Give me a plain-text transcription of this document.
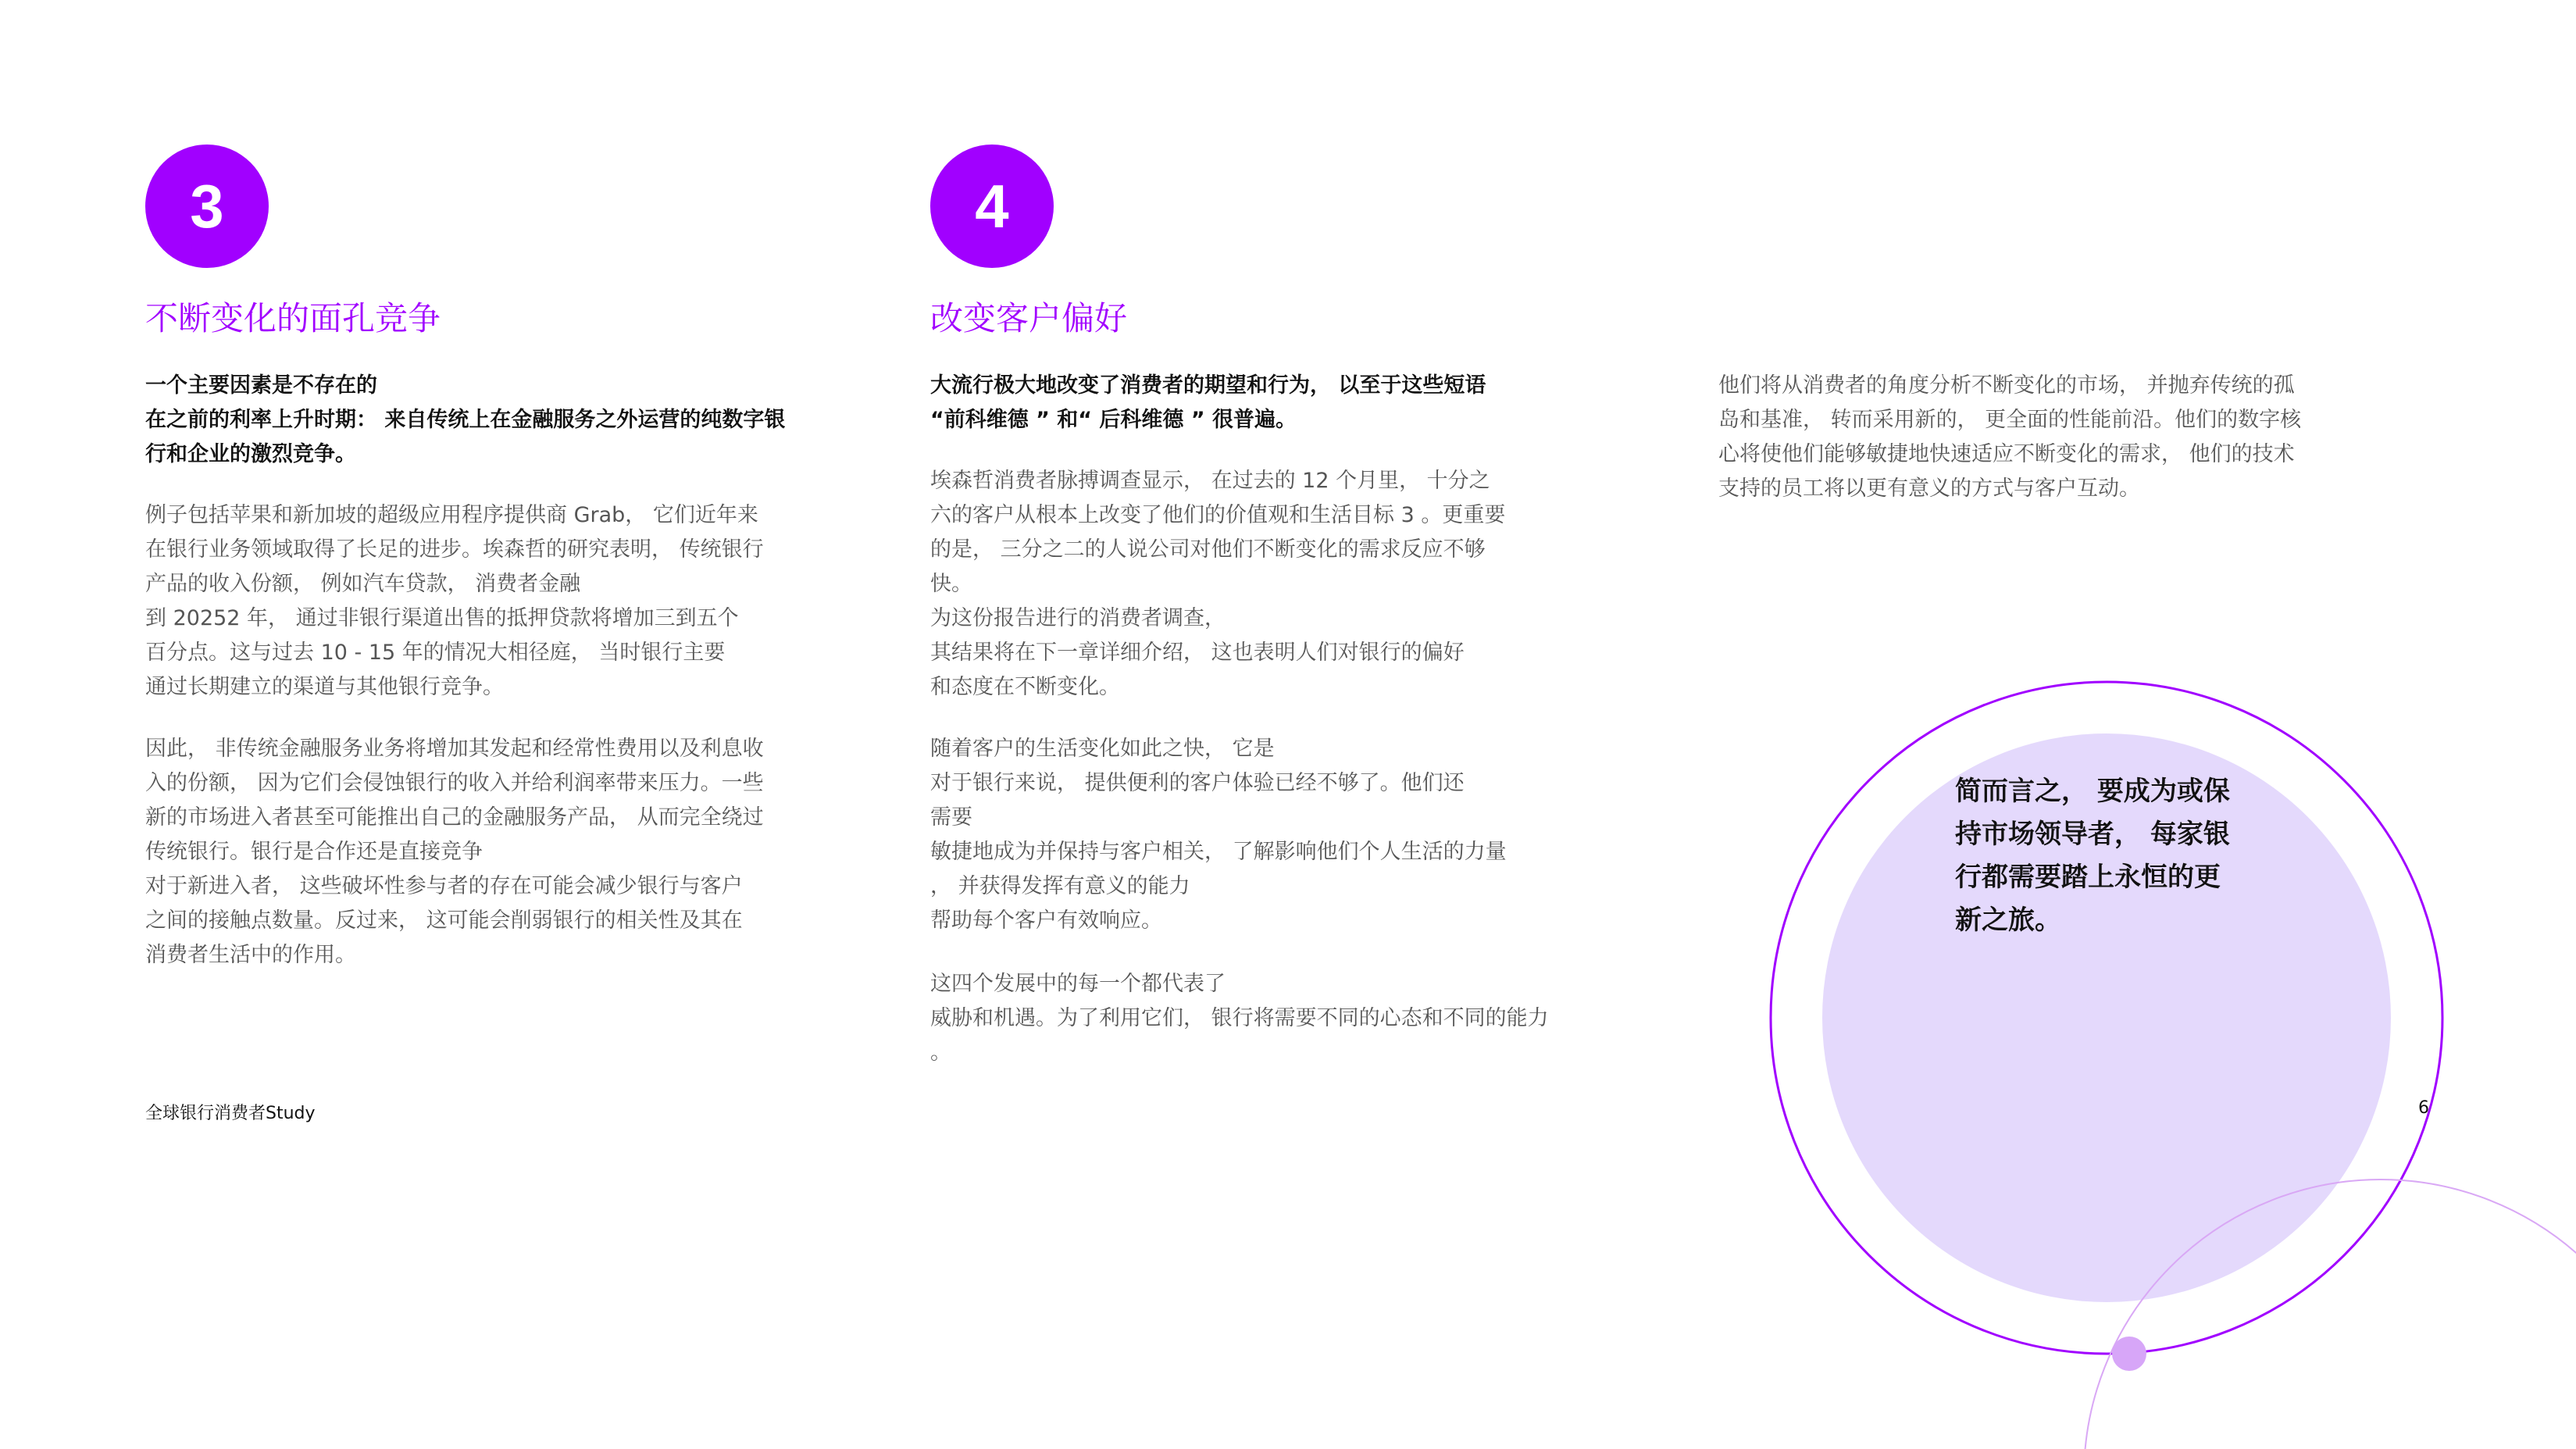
3
不断变化的面孔竞争
一个主要因素是不存在的
在之前的利率上升时期： 来自传统上在金融服务之外运营的纯数字银
行和企业的激烈竞争。
例子包括苹果和新加坡的超级应用程序提供商 Grab， 它们近年来
在银行业务领域取得了长足的进步。埃森哲的研究表明， 传统银行
产品的收入份额， 例如汽车贷款， 消费者金融
到 20252 年， 通过非银行渠道出售的抵押贷款将增加三到五个
百分点。这与过去 10 - 15 年的情况大相径庭， 当时银行主要
通过长期建立的渠道与其他银行竞争。
因此， 非传统金融服务业务将增加其发起和经常性费用以及利息收
入的份额， 因为它们会侵蚀银行的收入并给利润率带来压力。一些
新的市场进入者甚至可能推出自己的金融服务产品， 从而完全绕过
传统银行。银行是合作还是直接竞争
对于新进入者， 这些破坏性参与者的存在可能会减少银行与客户
之间的接触点数量。反过来， 这可能会削弱银行的相关性及其在
消费者生活中的作用。
4
改变客户偏好
大流行极大地改变了消费者的期望和行为， 以至于这些短语
“前科维德 ” 和“ 后科维德 ” 很普遍。
埃森哲消费者脉搏调查显示， 在过去的 12 个月里， 十分之
六的客户从根本上改变了他们的价值观和生活目标 3 。更重要
的是， 三分之二的人说公司对他们不断变化的需求反应不够
快。
为这份报告进行的消费者调查，
其结果将在下一章详细介绍， 这也表明人们对银行的偏好
和态度在不断变化。
随着客户的生活变化如此之快， 它是
对于银行来说， 提供便利的客户体验已经不够了。他们还
需要
敏捷地成为并保持与客户相关， 了解影响他们个人生活的力量
， 并获得发挥有意义的能力
帮助每个客户有效响应。
这四个发展中的每一个都代表了
威胁和机遇。为了利用它们， 银行将需要不同的心态和不同的能力
。
他们将从消费者的角度分析不断变化的市场， 并抛弃传统的孤
岛和基准， 转而采用新的， 更全面的性能前沿。他们的数字核
心将使他们能够敏捷地快速适应不断变化的需求， 他们的技术
支持的员工将以更有意义的方式与客户互动。
简而言之， 要成为或保
持市场领导者， 每家银
行都需要踏上永恒的更
新之旅。
全球银行消费者Study	6
